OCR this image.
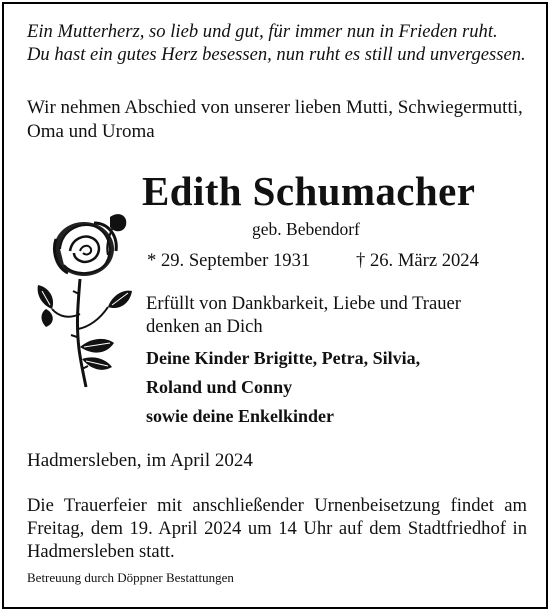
Ein Mutterherz, so lieb und gut, für immer nun in Frieden ruht.
Du hast ein gutes Herz besessen, nun ruht es still und unvergessen.
Wir nehmen Abschied von unserer lieben Mutti, Schwiegermutti,
Oma und Uroma
Edith Schumacher
geb. Bebendorf
* 29. September 1931 † 26. März 2024
Erfüllt von Dankbarkeit, Liebe und Trauer
denken an Dich
Deine Kinder Brigitte, Petra, Silvia,
Roland und Conny
sowie deine Enkelkinder
Hadmersleben, im April 2024
Die Trauerfeier mit anschließender Urnenbeisetzung findet am
Freitag, dem 19. April 2024 um 14 Uhr auf dem Stadtfriedhof in
Hadmersleben statt.
Betreuung durch Döppner Bestattungen
